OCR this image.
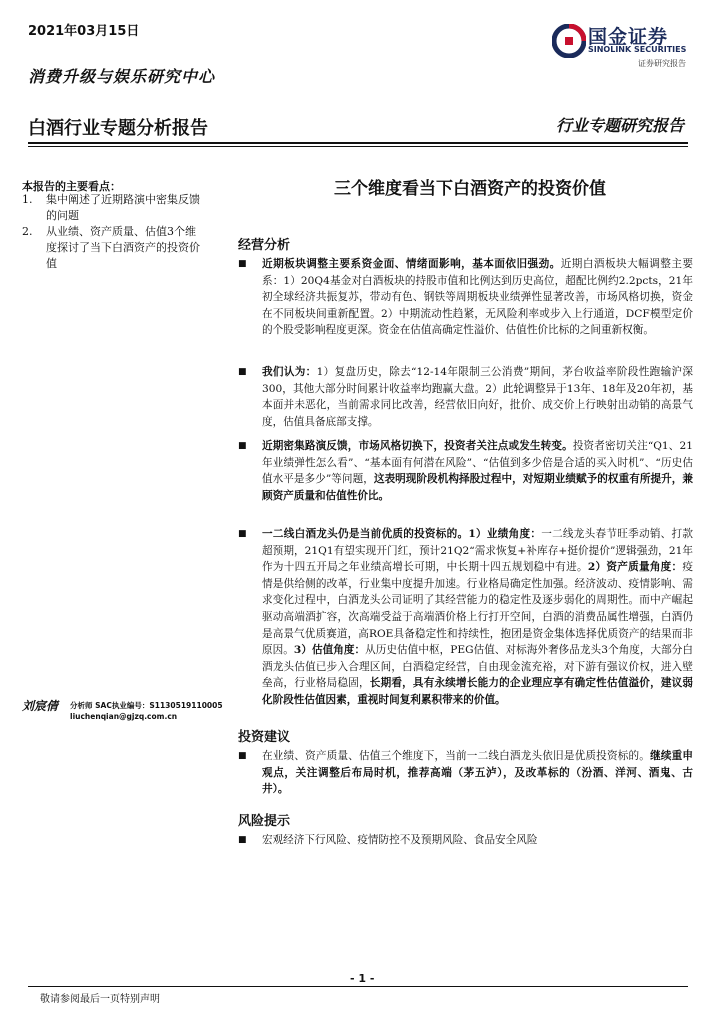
2021年03月15日
消费升级与娱乐研究中心
白酒行业专题分析报告	行业专题研究报告
国金证券
SINOLINK SECURITIES
证券研究报告
本报告的主要看点：
1.	集中阐述了近期路演中密集反馈的问题
2.	从业绩、资产质量、估值3个维度探讨了当下白酒资产的投资价值
刘宸倩 分析师 SAC执业编号：S1130519110005
liuchenqian@gjzq.com.cn
三个维度看当下白酒资产的投资价值
经营分析
■ 近期板块调整主要系资金面、情绪面影响，基本面依旧强劲。近期白酒板块大幅调整主要系：1）20Q4基金对白酒板块的持股市值和比例达到历史高位，超配比例约2.2pcts，21年初全球经济共振复苏，带动有色、钢铁等周期板块业绩弹性显著改善，市场风格切换，资金在不同板块间重新配置。2）中期流动性趋紧，无风险利率或步入上行通道，DCF模型定价的个股受影响程度更深。资金在估值高确定性溢价、估值性价比标的之间重新权衡。
■ 我们认为：1）复盘历史，除去“12-14年限制三公消费”期间，茅台收益率阶段性跑输沪深300，其他大部分时间累计收益率均跑赢大盘。2）此轮调整异于13年、18年及20年初，基本面并未恶化，当前需求同比改善，经营依旧向好，批价、成交价上行映射出动销的高景气度，估值具备底部支撑。
■ 近期密集路演反馈，市场风格切换下，投资者关注点或发生转变。投资者密切关注“Q1、21年业绩弹性怎么看”、“基本面有何潜在风险”、“估值到多少倍是合适的买入时机”、“历史估值水平是多少”等问题，这表明现阶段机构择股过程中，对短期业绩赋予的权重有所提升，兼顾资产质量和估值性价比。
■ 一二线白酒龙头仍是当前优质的投资标的。1）业绩角度：一二线龙头春节旺季动销、打款超预期，21Q1有望实现开门红，预计21Q2“需求恢复+补库存+挺价提价”逻辑强劲，21年作为十四五开局之年业绩高增长可期，中长期十四五规划稳中有进。2）资产质量角度：疫情是供给侧的改革，行业集中度提升加速。行业格局确定性加强。经济波动、疫情影响、需求变化过程中，白酒龙头公司证明了其经营能力的稳定性及逐步弱化的周期性。而中产崛起驱动高端酒扩容，次高端受益于高端酒价格上行打开空间，白酒的消费品属性增强，白酒仍是高景气优质赛道，高ROE具备稳定性和持续性，抱团是资金集体选择优质资产的结果而非原因。3）估值角度：从历史估值中枢，PEG估值、对标海外奢侈品龙头3个角度，大部分白酒龙头估值已步入合理区间，白酒稳定经营，自由现金流充裕，对下游有强议价权，进入壁垒高，行业格局稳固，长期看，具有永续增长能力的企业理应享有确定性估值溢价，建议弱化阶段性估值因素，重视时间复利累积带来的价值。
投资建议
■ 在业绩、资产质量、估值三个维度下，当前一二线白酒龙头依旧是优质投资标的。继续重申观点，关注调整后布局时机，推荐高端（茅五泸），及改革标的（汾酒、洋河、酒鬼、古井）。
风险提示
■ 宏观经济下行风险、疫情防控不及预期风险、食品安全风险
- 1 -
敬请参阅最后一页特别声明
